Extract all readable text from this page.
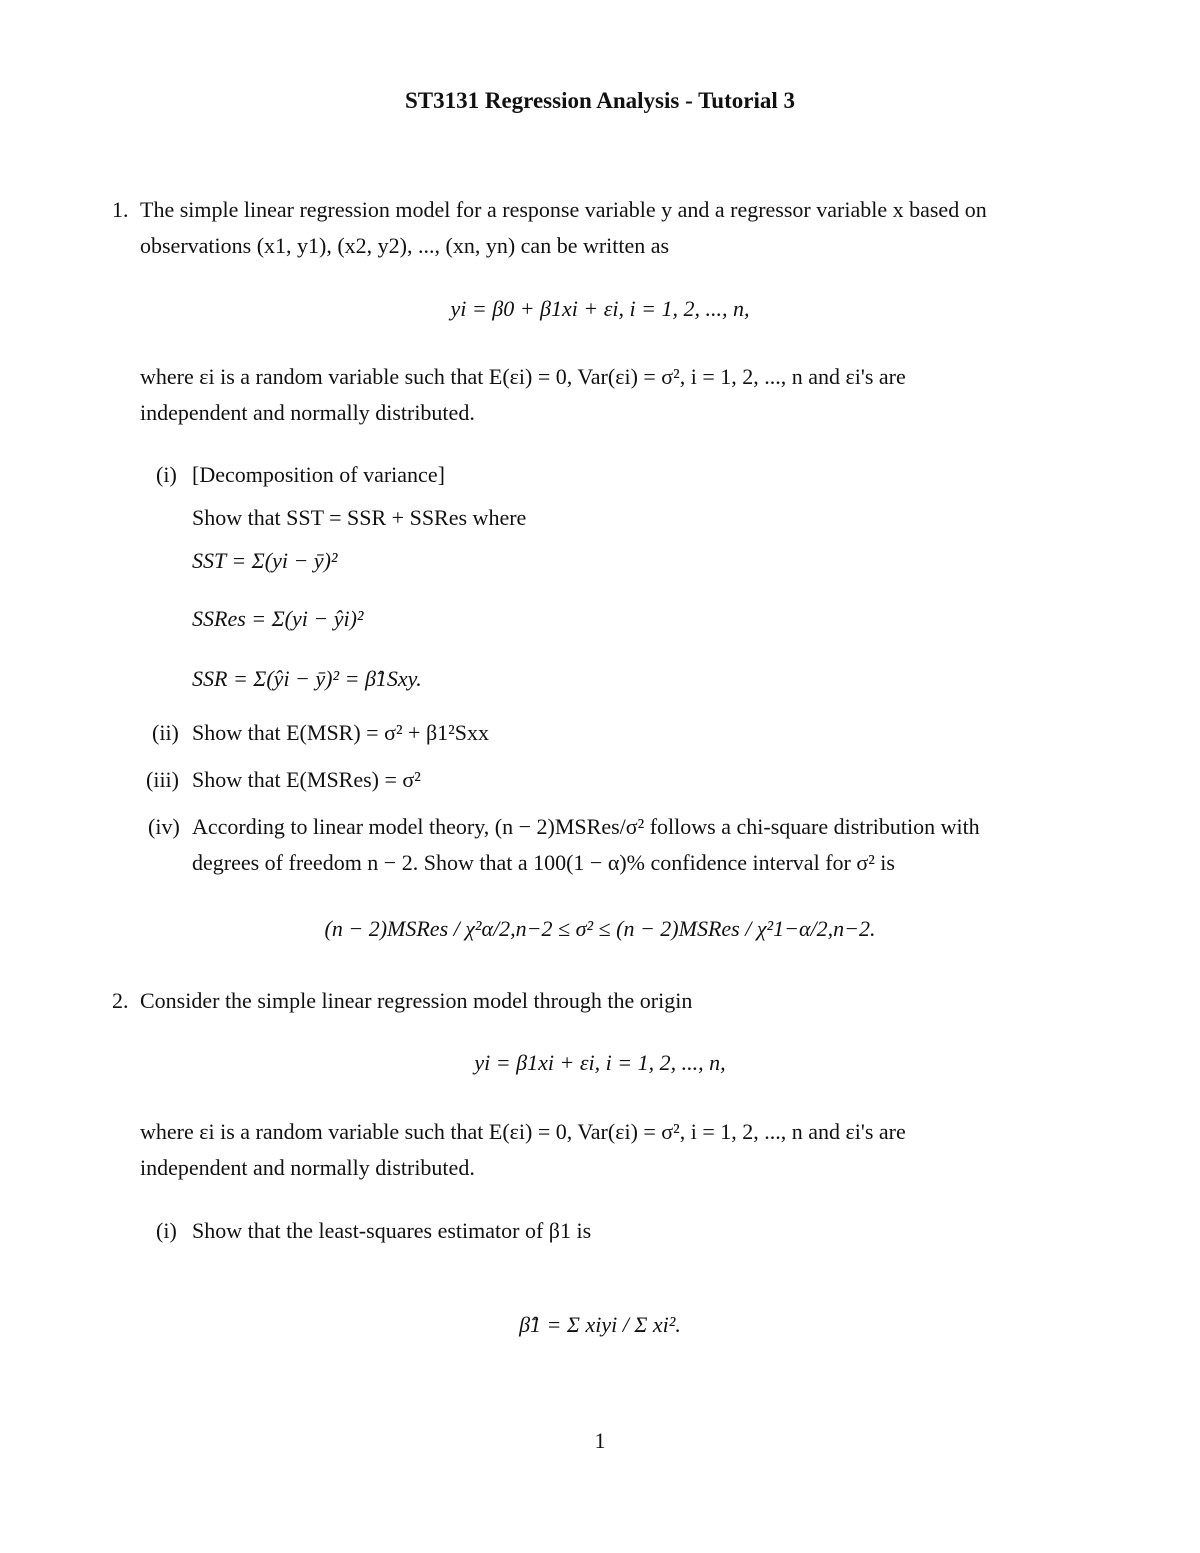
ST3131 Regression Analysis - Tutorial 3
1. The simple linear regression model for a response variable y and a regressor variable x based on
observations (x1, y1), (x2, y2), ..., (xn, yn) can be written as
yi = β0 + β1xi + εi, i = 1, 2, ..., n,
where εi is a random variable such that E(εi) = 0, Var(εi) = σ², i = 1, 2, ..., n and εi's are
independent and normally distributed.
(i) [Decomposition of variance]
Show that SST = SSR + SSRes where
SST = Σ(yi − ȳ)²
SSRes = Σ(yi − ŷi)²
SSR = Σ(ŷi − ȳ)² = β̂1Sxy.
(ii) Show that E(MSR) = σ² + β1²Sxx
(iii) Show that E(MSRes) = σ²
(iv) According to linear model theory, (n − 2)MSRes/σ² follows a chi-square distribution with
degrees of freedom n − 2. Show that a 100(1 − α)% confidence interval for σ² is
(n − 2)MSRes / χ²α/2,n−2 ≤ σ² ≤ (n − 2)MSRes / χ²1−α/2,n−2.
2. Consider the simple linear regression model through the origin
yi = β1xi + εi, i = 1, 2, ..., n,
where εi is a random variable such that E(εi) = 0, Var(εi) = σ², i = 1, 2, ..., n and εi's are
independent and normally distributed.
(i) Show that the least-squares estimator of β1 is
β̂1 = Σ xiyi / Σ xi².
1
